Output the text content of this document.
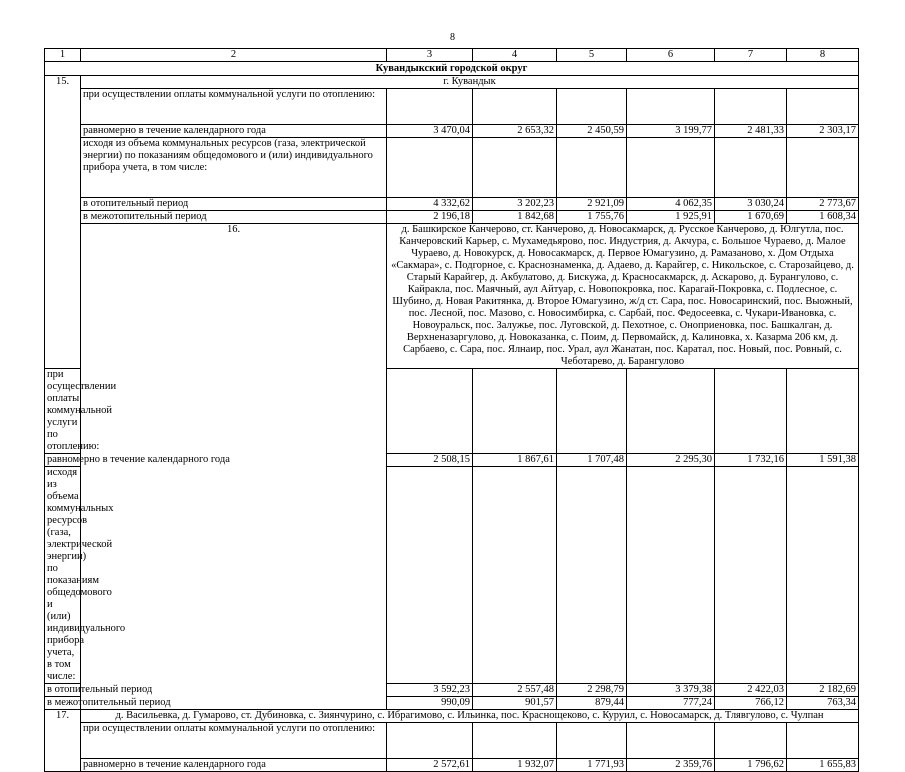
8
1	2	3	4	5	6	7	8
Кувандыкский городской округ							
15.	г. Кувандык						
	при осуществлении оплаты коммунальной услуги по отоплению:						
	равномерно в течение календарного года	3 470,04	2 653,32	2 450,59	3 199,77	2 481,33	2 303,17
	исходя из объема коммунальных ресурсов (газа, электрической энергии) по показаниям общедомового и (или) индивидуального прибора учета, в том числе:						
	в отопительный период	4 332,62	3 202,23	2 921,09	4 062,35	3 030,24	2 773,67
	в межотопительный период	2 196,18	1 842,68	1 755,76	1 925,91	1 670,69	1 608,34
	16.	д. Башкирское Канчерово, ст. Канчерово, д. Новосакмарск, д. Русское Канчерово, д. Юлгутла, пос. Канчеровский Карьер, с. Мухамедьярово, пос. Индустрия, д. Акчура, с. Большое Чураево, д. Малое Чураево, д. Новокурск, д. Новосакмарск, д. Первое Юмагузино, д. Рамазаново, х. Дом Отдыха «Сакмара», с. Подгорное, с. Краснознаменка, д. Адаево, д. Карайгер, с. Никольское, с. Старозайцево, д. Старый Карайгер, д. Акбулатово, д. Бискужа, д. Красносакмарск, д. Аскарово, д. Бурангулово, с. Кайракла, пос. Маячный, аул Айтуар, с. Новопокровка, пос. Карагай-Покровка, с. Подлесное, с. Шубино, д. Новая Ракитянка, д. Второе Юмагузино, ж/д ст. Сара, пос. Новосаринский, пос. Выожный, пос. Лесной, пос. Мазово, с. Новосимбирка, с. Сарбай, пос. Федосеевка, с. Чукари-Ивановка, с. Новоуральск, пос. Залужье, пос. Луговской, д. Пехотное, с. Оноприеновка, пос. Башкалган, д. Верхненазаргулово, д. Новоказанка, с. Поим, д. Первомайск, д. Калиновка, х. Казарма 206 км, д. Сарбаево, с. Сара, пос. Ялнаир, пос. Урал, аул Жанатан, пос. Каратал, пос. Новый, пос. Ровный, с. Чеботарево, д. Барангулово					
при осуществлении оплаты коммунальной услуги по отоплению:							
равномерно в течение календарного года		2 508,15	1 867,61	1 707,48	2 295,30	1 732,16	1 591,38
исходя из объема коммунальных ресурсов (газа, электрической энергии) по показаниям общедомового и (или) индивидуального прибора учета, в том числе:							
в отопительный период		3 592,23	2 557,48	2 298,79	3 379,38	2 422,03	2 182,69
в межотопительный период		990,09	901,57	879,44	777,24	766,12	763,34
17.	д. Васильевка, д. Гумарово, ст. Дубиновка, с. Зиянчурино, с. Ибрагимово, с. Ильинка, пос. Краснощеково, с. Куруил, с. Новосамарск, д. Тлявгулово, с. Чулпан						
	при осуществлении оплаты коммунальной услуги по отоплению:						
	равномерно в течение календарного года	2 572,61	1 932,07	1 771,93	2 359,76	1 796,62	1 655,83
